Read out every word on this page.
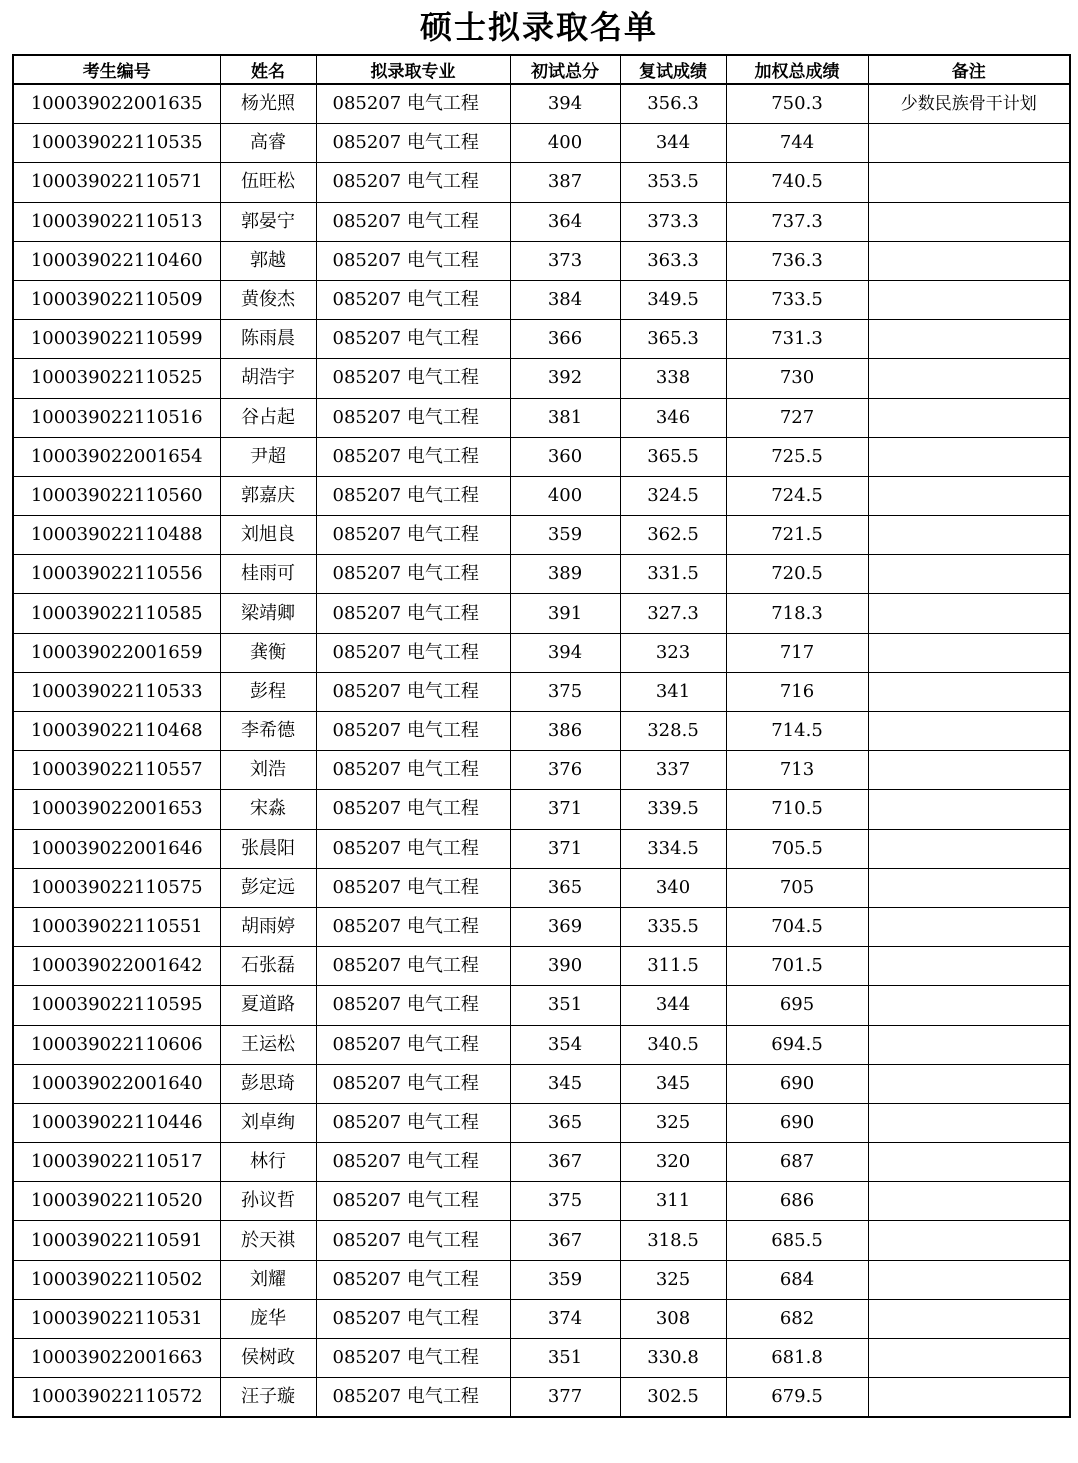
硕士拟录取名单
考生编号	姓名	拟录取专业	初试总分	复试成绩	加权总成绩	备注
100039022001635	杨光照	085207 电气工程	394	356.3	750.3	少数民族骨干计划
100039022110535	高睿	085207 电气工程	400	344	744	
100039022110571	伍旺松	085207 电气工程	387	353.5	740.5	
100039022110513	郭晏宁	085207 电气工程	364	373.3	737.3	
100039022110460	郭越	085207 电气工程	373	363.3	736.3	
100039022110509	黄俊杰	085207 电气工程	384	349.5	733.5	
100039022110599	陈雨晨	085207 电气工程	366	365.3	731.3	
100039022110525	胡浩宇	085207 电气工程	392	338	730	
100039022110516	谷占起	085207 电气工程	381	346	727	
100039022001654	尹超	085207 电气工程	360	365.5	725.5	
100039022110560	郭嘉庆	085207 电气工程	400	324.5	724.5	
100039022110488	刘旭良	085207 电气工程	359	362.5	721.5	
100039022110556	桂雨可	085207 电气工程	389	331.5	720.5	
100039022110585	梁靖卿	085207 电气工程	391	327.3	718.3	
100039022001659	龚衡	085207 电气工程	394	323	717	
100039022110533	彭程	085207 电气工程	375	341	716	
100039022110468	李希德	085207 电气工程	386	328.5	714.5	
100039022110557	刘浩	085207 电气工程	376	337	713	
100039022001653	宋淼	085207 电气工程	371	339.5	710.5	
100039022001646	张晨阳	085207 电气工程	371	334.5	705.5	
100039022110575	彭定远	085207 电气工程	365	340	705	
100039022110551	胡雨婷	085207 电气工程	369	335.5	704.5	
100039022001642	石张磊	085207 电气工程	390	311.5	701.5	
100039022110595	夏道路	085207 电气工程	351	344	695	
100039022110606	王运松	085207 电气工程	354	340.5	694.5	
100039022001640	彭思琦	085207 电气工程	345	345	690	
100039022110446	刘卓绚	085207 电气工程	365	325	690	
100039022110517	林行	085207 电气工程	367	320	687	
100039022110520	孙议哲	085207 电气工程	375	311	686	
100039022110591	於天祺	085207 电气工程	367	318.5	685.5	
100039022110502	刘耀	085207 电气工程	359	325	684	
100039022110531	庞华	085207 电气工程	374	308	682	
100039022001663	侯树政	085207 电气工程	351	330.8	681.8	
100039022110572	汪子璇	085207 电气工程	377	302.5	679.5	
